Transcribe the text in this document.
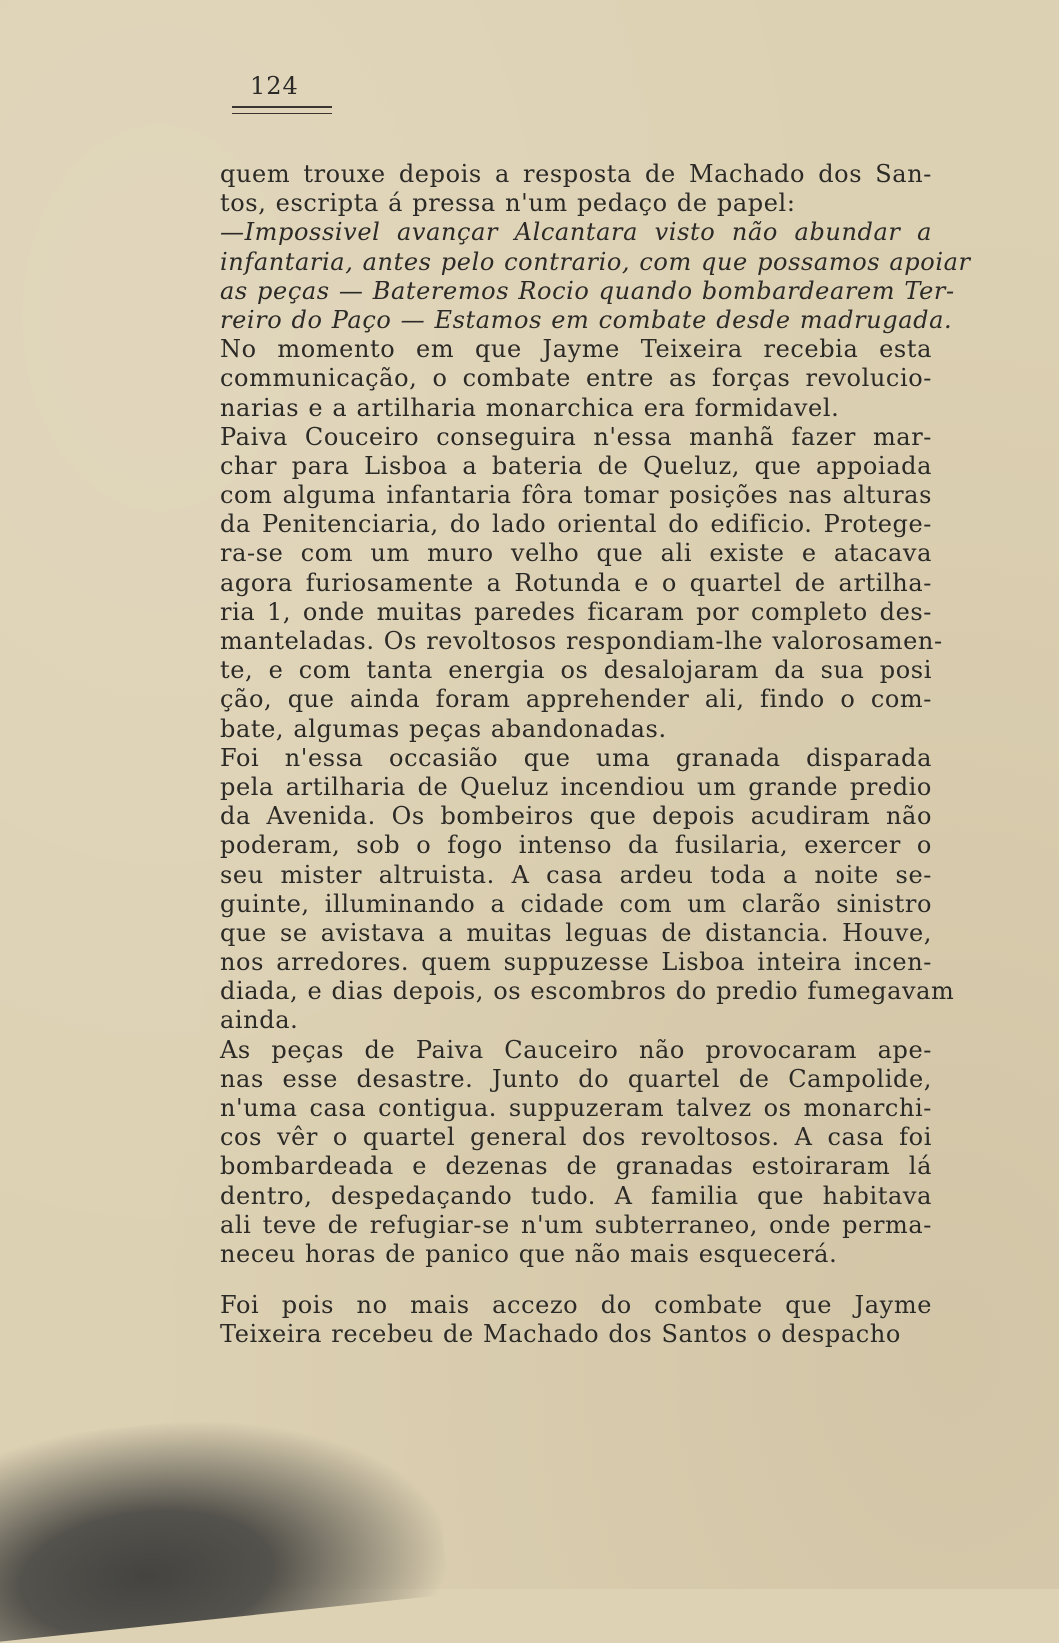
124
quem trouxe depois a resposta de Machado dos San-
tos, escripta á pressa n'um pedaço de papel:
—Impossivel avançar Alcantara visto não abundar a
infantaria, antes pelo contrario, com que possamos apoiar
as peças — Bateremos Rocio quando bombardearem Ter-
reiro do Paço — Estamos em combate desde madrugada.
No momento em que Jayme Teixeira recebia esta
communicação, o combate entre as forças revolucio-
narias e a artilharia monarchica era formidavel.
Paiva Couceiro conseguira n'essa manhã fazer mar-
char para Lisboa a bateria de Queluz, que appoiada
com alguma infantaria fôra tomar posições nas alturas
da Penitenciaria, do lado oriental do edificio. Protege-
ra-se com um muro velho que ali existe e atacava
agora furiosamente a Rotunda e o quartel de artilha-
ria 1, onde muitas paredes ficaram por completo des-
manteladas. Os revoltosos respondiam-lhe valorosamen-
te, e com tanta energia os desalojaram da sua posi
ção, que ainda foram apprehender ali, findo o com-
bate, algumas peças abandonadas.
Foi n'essa occasião que uma granada disparada
pela artilharia de Queluz incendiou um grande predio
da Avenida. Os bombeiros que depois acudiram não
poderam, sob o fogo intenso da fusilaria, exercer o
seu mister altruista. A casa ardeu toda a noite se-
guinte, illuminando a cidade com um clarão sinistro
que se avistava a muitas leguas de distancia. Houve,
nos arredores. quem suppuzesse Lisboa inteira incen-
diada, e dias depois, os escombros do predio fumegavam
ainda.
As peças de Paiva Cauceiro não provocaram ape-
nas esse desastre. Junto do quartel de Campolide,
n'uma casa contigua. suppuzeram talvez os monarchi-
cos vêr o quartel general dos revoltosos. A casa foi
bombardeada e dezenas de granadas estoiraram lá
dentro, despedaçando tudo. A familia que habitava
ali teve de refugiar-se n'um subterraneo, onde perma-
neceu horas de panico que não mais esquecerá.
Foi pois no mais accezo do combate que Jayme
Teixeira recebeu de Machado dos Santos o despacho
